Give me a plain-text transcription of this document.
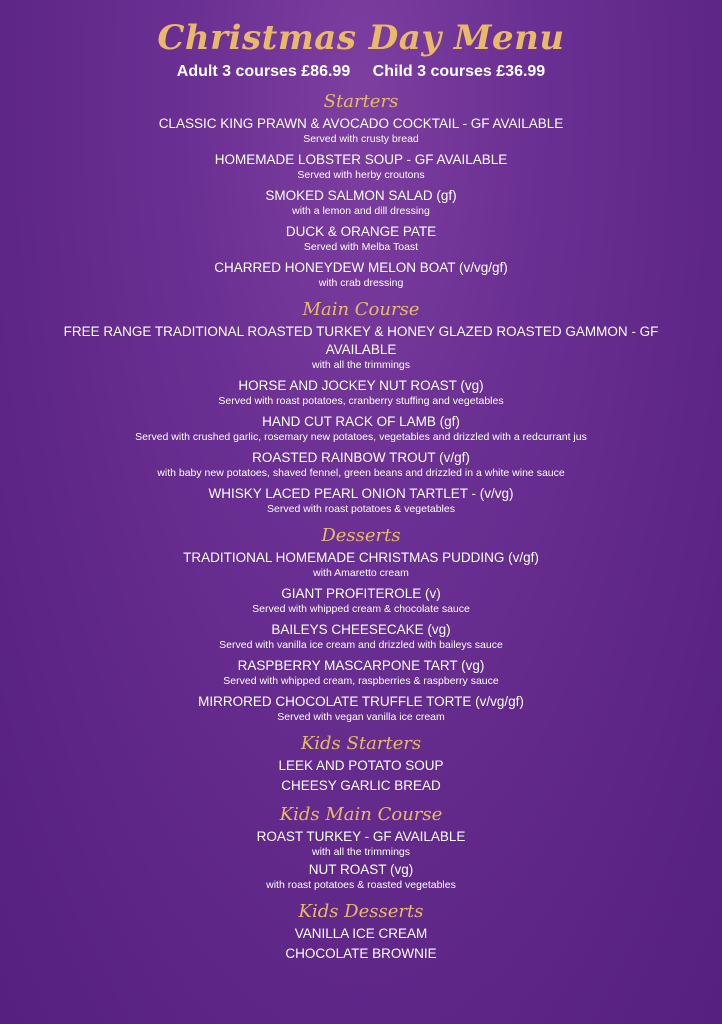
Christmas Day Menu
Adult 3 courses £86.99 Child 3 courses £36.99
Starters
CLASSIC KING PRAWN & AVOCADO COCKTAIL - GF AVAILABLE
Served with crusty bread
HOMEMADE LOBSTER SOUP - GF AVAILABLE
Served with herby croutons
SMOKED SALMON SALAD (gf)
with a lemon and dill dressing
DUCK & ORANGE PATE
Served with Melba Toast
CHARRED HONEYDEW MELON BOAT (v/vg/gf)
with crab dressing
Main Course
FREE RANGE TRADITIONAL ROASTED TURKEY & HONEY GLAZED ROASTED GAMMON - GF AVAILABLE
with all the trimmings
HORSE AND JOCKEY NUT ROAST (vg)
Served with roast potatoes, cranberry stuffing and vegetables
HAND CUT RACK OF LAMB (gf)
Served with crushed garlic, rosemary new potatoes, vegetables and drizzled with a redcurrant jus
ROASTED RAINBOW TROUT (v/gf)
with baby new potatoes, shaved fennel, green beans and drizzled in a white wine sauce
WHISKY LACED PEARL ONION TARTLET - (v/vg)
Served with roast potatoes & vegetables
Desserts
TRADITIONAL HOMEMADE CHRISTMAS PUDDING (v/gf)
with Amaretto cream
GIANT PROFITEROLE (v)
Served with whipped cream & chocolate sauce
BAILEYS CHEESECAKE (vg)
Served with vanilla ice cream and drizzled with baileys sauce
RASPBERRY MASCARPONE TART (vg)
Served with whipped cream, raspberries & raspberry sauce
MIRRORED CHOCOLATE TRUFFLE TORTE (v/vg/gf)
Served with vegan vanilla ice cream
Kids Starters
LEEK AND POTATO SOUP
CHEESY GARLIC BREAD
Kids Main Course
ROAST TURKEY - GF AVAILABLE
with all the trimmings
NUT ROAST (vg)
with roast potatoes & roasted vegetables
Kids Desserts
VANILLA ICE CREAM
CHOCOLATE BROWNIE
